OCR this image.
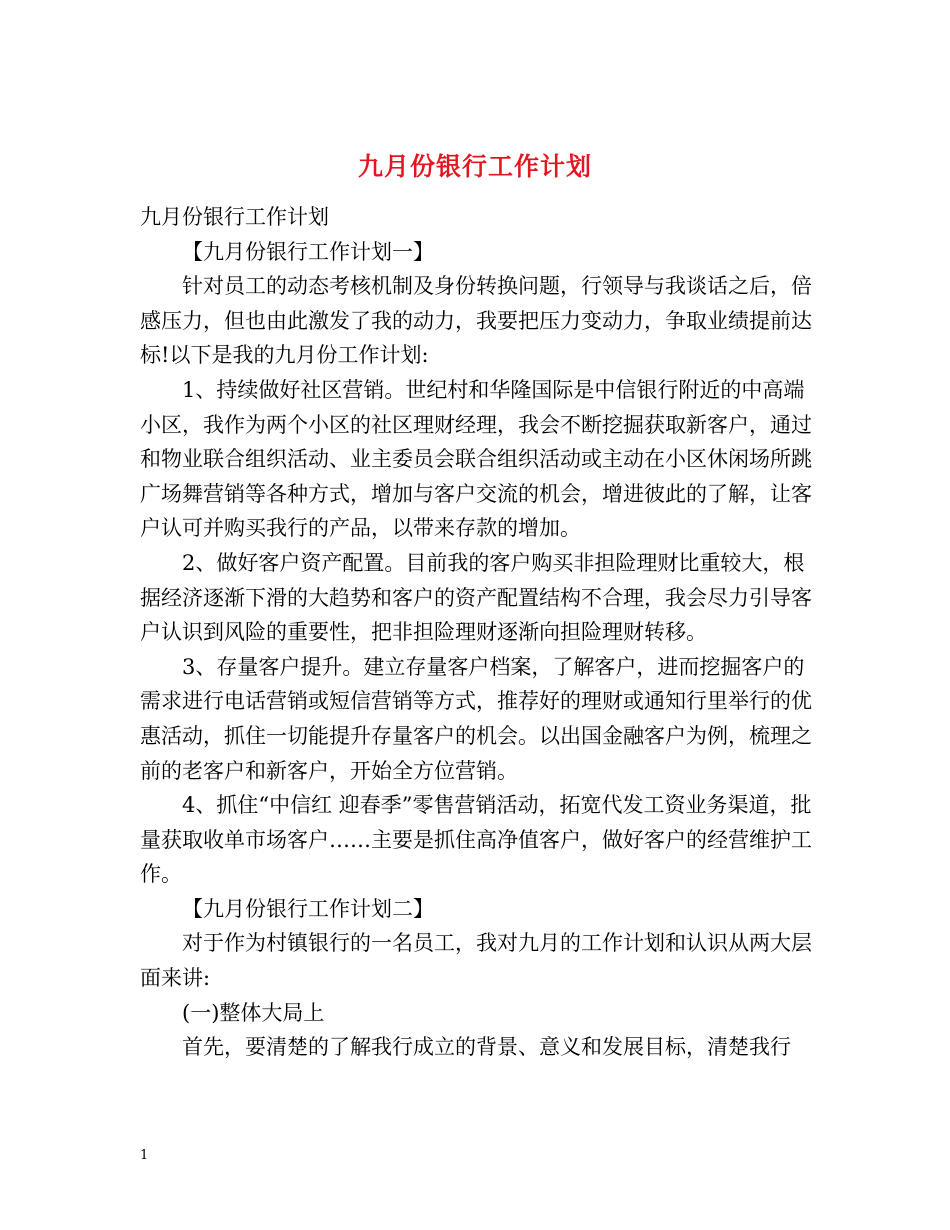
九月份银行工作计划

九月份银行工作计划

【九月份银行工作计划一】

针对员工的动态考核机制及身份转换问题，行领导与我谈话之后，倍感压力，但也由此激发了我的动力，我要把压力变动力，争取业绩提前达标!以下是我的九月份工作计划:

1、持续做好社区营销。世纪村和华隆国际是中信银行附近的中高端小区，我作为两个小区的社区理财经理，我会不断挖掘获取新客户，通过和物业联合组织活动、业主委员会联合组织活动或主动在小区休闲场所跳广场舞营销等各种方式，增加与客户交流的机会，增进彼此的了解，让客户认可并购买我行的产品，以带来存款的增加。

2、做好客户资产配置。目前我的客户购买非担险理财比重较大，根据经济逐渐下滑的大趋势和客户的资产配置结构不合理，我会尽力引导客户认识到风险的重要性，把非担险理财逐渐向担险理财转移。

3、存量客户提升。建立存量客户档案，了解客户，进而挖掘客户的需求进行电话营销或短信营销等方式，推荐好的理财或通知行里举行的优惠活动，抓住一切能提升存量客户的机会。以出国金融客户为例，梳理之前的老客户和新客户，开始全方位营销。

4、抓住“中信红 迎春季”零售营销活动，拓宽代发工资业务渠道，批量获取收单市场客户……主要是抓住高净值客户，做好客户的经营维护工作。

【九月份银行工作计划二】

对于作为村镇银行的一名员工，我对九月的工作计划和认识从两大层面来讲:

(一)整体大局上

首先，要清楚的了解我行成立的背景、意义和发展目标，清楚我行

1
